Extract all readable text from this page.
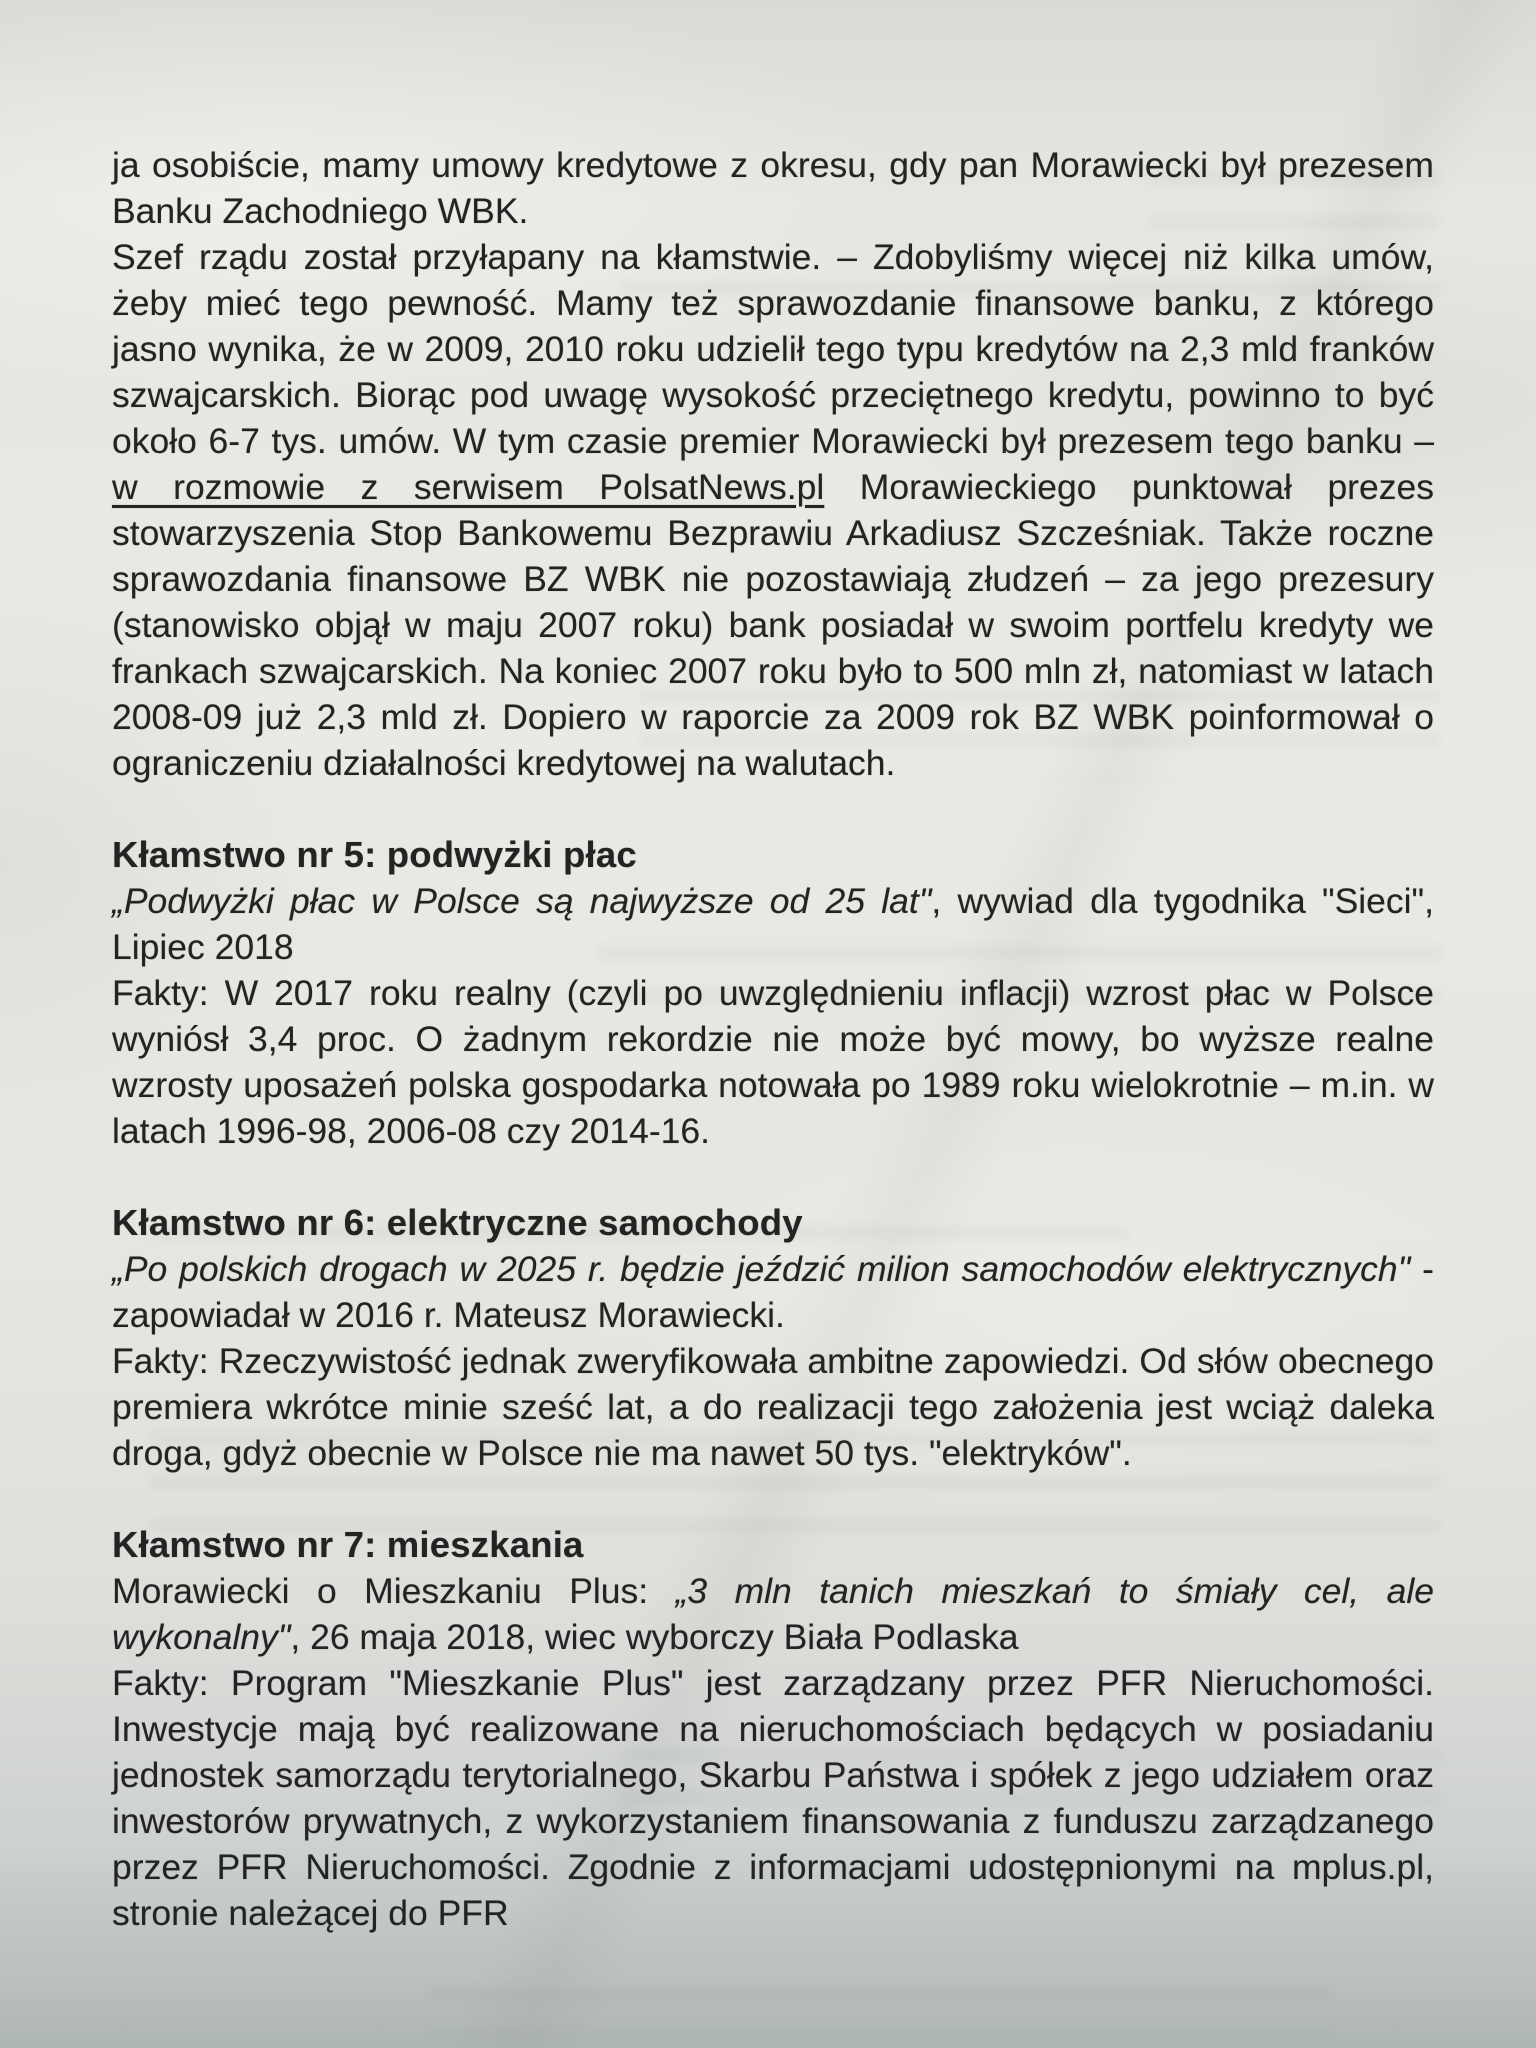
ja osobiście, mamy umowy kredytowe z okresu, gdy pan Morawiecki był prezesem Banku Zachodniego WBK.

Szef rządu został przyłapany na kłamstwie. – Zdobyliśmy więcej niż kilka umów, żeby mieć tego pewność. Mamy też sprawozdanie finansowe banku, z którego jasno wynika, że w 2009, 2010 roku udzielił tego typu kredytów na 2,3 mld franków szwajcarskich. Biorąc pod uwagę wysokość przeciętnego kredytu, powinno to być około 6-7 tys. umów. W tym czasie premier Morawiecki był prezesem tego banku – w rozmowie z serwisem PolsatNews.pl Morawieckiego punktował prezes stowarzyszenia Stop Bankowemu Bezprawiu Arkadiusz Szcześniak. Także roczne sprawozdania finansowe BZ WBK nie pozostawiają złudzeń – za jego prezesury (stanowisko objął w maju 2007 roku) bank posiadał w swoim portfelu kredyty we frankach szwajcarskich. Na koniec 2007 roku było to 500 mln zł, natomiast w latach 2008-09 już 2,3 mld zł. Dopiero w raporcie za 2009 rok BZ WBK poinformował o ograniczeniu działalności kredytowej na walutach.

Kłamstwo nr 5: podwyżki płac

„Podwyżki płac w Polsce są najwyższe od 25 lat", wywiad dla tygodnika "Sieci", Lipiec 2018

Fakty: W 2017 roku realny (czyli po uwzględnieniu inflacji) wzrost płac w Polsce wyniósł 3,4 proc. O żadnym rekordzie nie może być mowy, bo wyższe realne wzrosty uposażeń polska gospodarka notowała po 1989 roku wielokrotnie – m.in. w latach 1996-98, 2006-08 czy 2014-16.

Kłamstwo nr 6: elektryczne samochody

„Po polskich drogach w 2025 r. będzie jeździć milion samochodów elektrycznych" - zapowiadał w 2016 r. Mateusz Morawiecki.

Fakty: Rzeczywistość jednak zweryfikowała ambitne zapowiedzi. Od słów obecnego premiera wkrótce minie sześć lat, a do realizacji tego założenia jest wciąż daleka droga, gdyż obecnie w Polsce nie ma nawet 50 tys. "elektryków".

Kłamstwo nr 7: mieszkania

Morawiecki o Mieszkaniu Plus: „3 mln tanich mieszkań to śmiały cel, ale wykonalny", 26 maja 2018, wiec wyborczy Biała Podlaska

Fakty: Program "Mieszkanie Plus" jest zarządzany przez PFR Nieruchomości. Inwestycje mają być realizowane na nieruchomościach będących w posiadaniu jednostek samorządu terytorialnego, Skarbu Państwa i spółek z jego udziałem oraz inwestorów prywatnych, z wykorzystaniem finansowania z funduszu zarządzanego przez PFR Nieruchomości. Zgodnie z informacjami udostępnionymi na mplus.pl, stronie należącej do PFR
